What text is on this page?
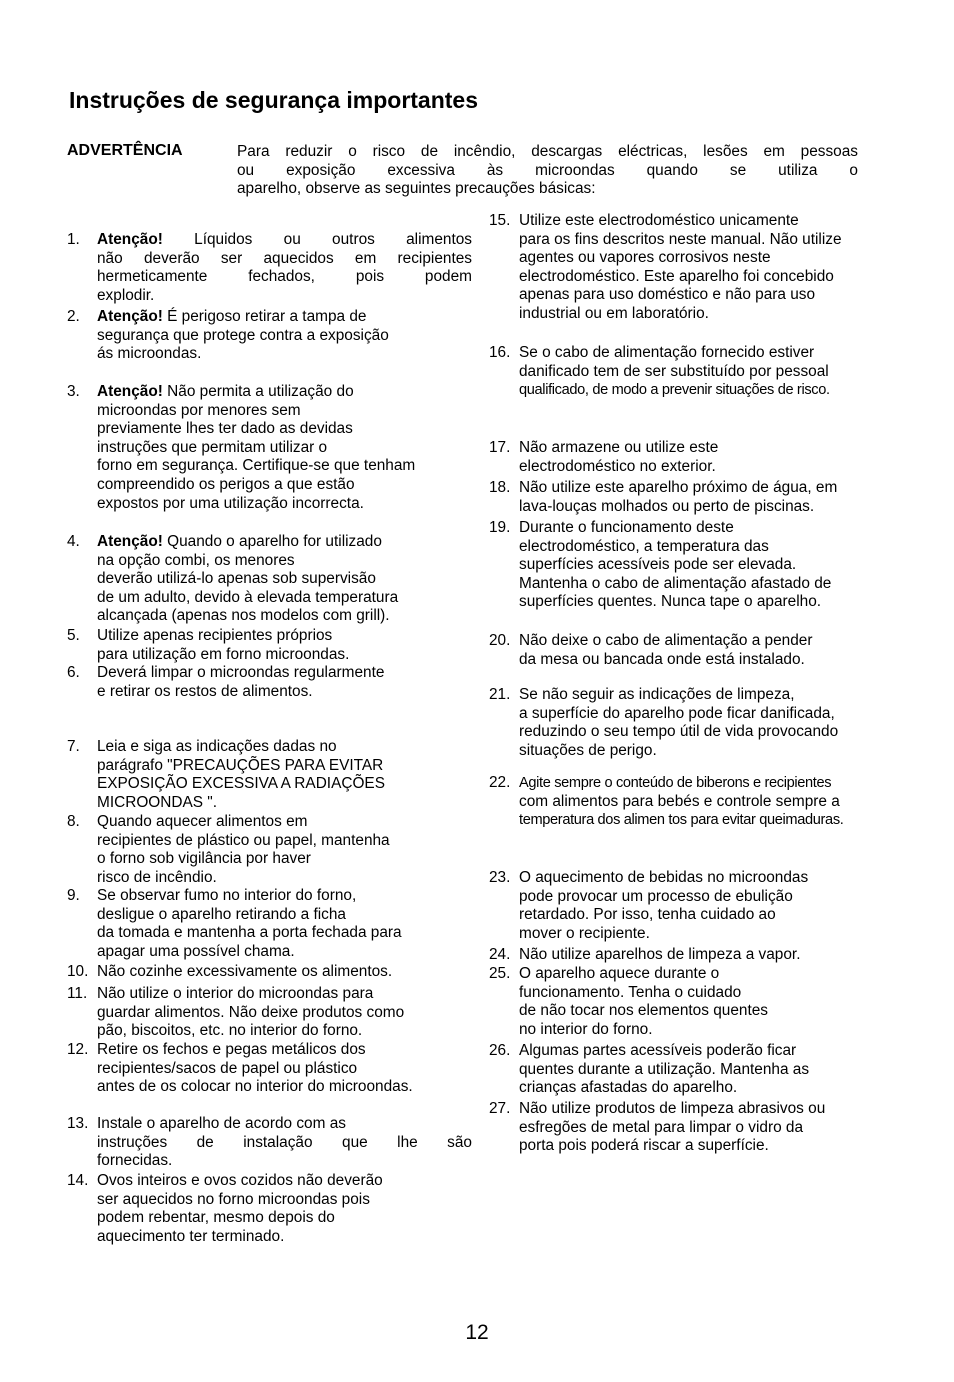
Instruções de segurança importantes
ADVERTÊNCIA	Para reduzir o risco de incêndio, descargas eléctricas, lesões em pessoas
ou exposição excessiva às microondas quando se utiliza o
aparelho, observe as seguintes precauções básicas:
1. Atenção! Líquidos ou outros alimentos
não deverão ser aquecidos em recipientes
hermeticamente fechados, pois podem
explodir.
2. Atenção! É perigoso retirar a tampa de
segurança que protege contra a exposição
ás microondas.
3. Atenção! Não permita a utilização do
microondas por menores sem
previamente lhes ter dado as devidas
instruções que permitam utilizar o
forno em segurança. Certifique-se que tenham
compreendido os perigos a que estão
expostos por uma utilização incorrecta.
4. Atenção! Quando o aparelho for utilizado
na opção combi, os menores
deverão utilizá-lo apenas sob supervisão
de um adulto, devido à elevada temperatura
alcançada (apenas nos modelos com grill).
5. Utilize apenas recipientes próprios
para utilização em forno microondas.
6. Deverá limpar o microondas regularmente
e retirar os restos de alimentos.
7. Leia e siga as indicações dadas no
parágrafo "PRECAUÇÕES PARA EVITAR
EXPOSIÇÃO EXCESSIVA A RADIAÇÕES
MICROONDAS ".
8. Quando aquecer alimentos em
recipientes de plástico ou papel, mantenha
o forno sob vigilância por haver
risco de incêndio.
9. Se observar fumo no interior do forno,
desligue o aparelho retirando a ficha
da tomada e mantenha a porta fechada para
apagar uma possível chama.
10. Não cozinhe excessivamente os alimentos.
11. Não utilize o interior do microondas para
guardar alimentos. Não deixe produtos como
pão, biscoitos, etc. no interior do forno.
12. Retire os fechos e pegas metálicos dos
recipientes/sacos de papel ou plástico
antes de os colocar no interior do microondas.
13. Instale o aparelho de acordo com as
instruções de instalação que lhe são
fornecidas.
14. Ovos inteiros e ovos cozidos não deverão
ser aquecidos no forno microondas pois
podem rebentar, mesmo depois do
aquecimento ter terminado.
15. Utilize este electrodoméstico unicamente
para os fins descritos neste manual. Não utilize
agentes ou vapores corrosivos neste
electrodoméstico. Este aparelho foi concebido
apenas para uso doméstico e não para uso
industrial ou em laboratório.
16. Se o cabo de alimentação fornecido estiver
danificado tem de ser substituído por pessoal
qualificado, de modo a prevenir situações de risco.
17. Não armazene ou utilize este
electrodoméstico no exterior.
18. Não utilize este aparelho próximo de água, em
lava-louças molhados ou perto de piscinas.
19. Durante o funcionamento deste
electrodoméstico, a temperatura das
superfícies acessíveis pode ser elevada.
Mantenha o cabo de alimentação afastado de
superfícies quentes. Nunca tape o aparelho.
20. Não deixe o cabo de alimentação a pender
da mesa ou bancada onde está instalado.
21. Se não seguir as indicações de limpeza,
a superfície do aparelho pode ficar danificada,
reduzindo o seu tempo útil de vida provocando
situações de perigo.
22. Agite sempre o conteúdo de biberons e recipientes
com alimentos para bebés e controle sempre a
temperatura dos alimen tos para evitar queimaduras.
23. O aquecimento de bebidas no microondas
pode provocar um processo de ebulição
retardado. Por isso, tenha cuidado ao
mover o recipiente.
24. Não utilize aparelhos de limpeza a vapor.
25. O aparelho aquece durante o
funcionamento. Tenha o cuidado
de não tocar nos elementos quentes
no interior do forno.
26. Algumas partes acessíveis poderão ficar
quentes durante a utilização. Mantenha as
crianças afastadas do aparelho.
27. Não utilize produtos de limpeza abrasivos ou
esfregões de metal para limpar o vidro da
porta pois poderá riscar a superfície.
12
